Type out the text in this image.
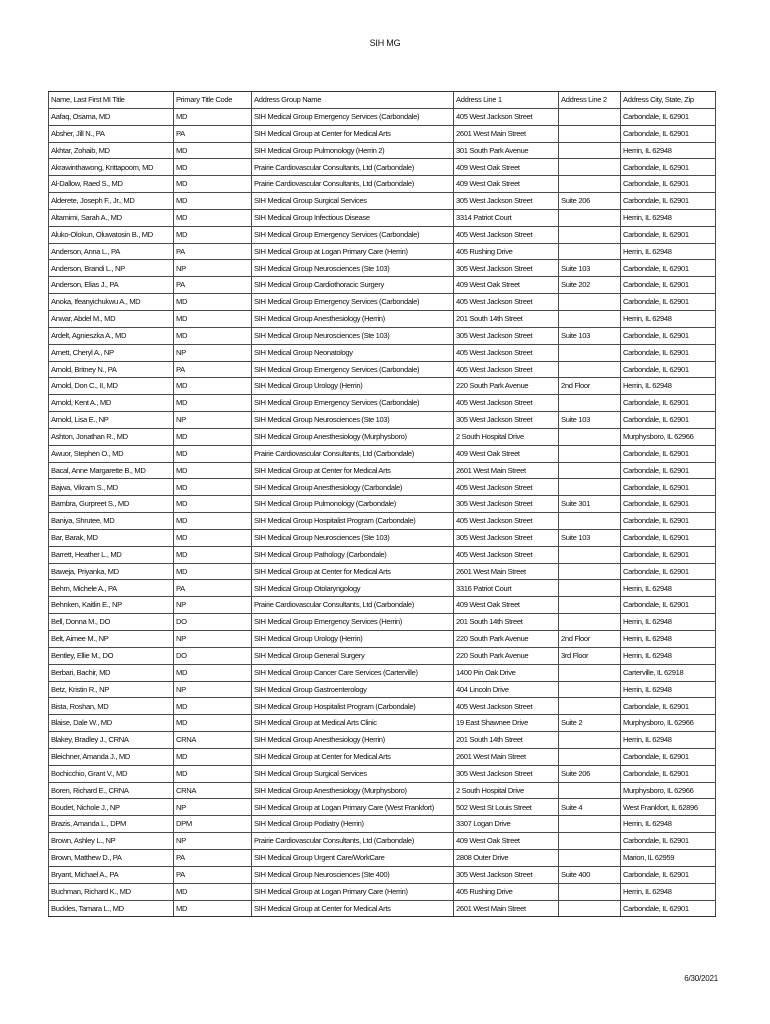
SIH MG
Name, Last First MI Title	Primary Title Code	Address Group Name	Address Line 1	Address Line 2	Address City, State, Zip
Aafaq, Osama, MD	MD	SIH Medical Group Emergency Services (Carbondale)	405 West Jackson Street		Carbondale, IL 62901
Absher, Jill N., PA	PA	SIH Medical Group at Center for Medical Arts	2601 West Main Street		Carbondale, IL 62901
Akhtar, Zohaib, MD	MD	SIH Medical Group Pulmonology (Herrin 2)	301 South Park Avenue		Herrin, IL 62948
Akrawinthawong, Krittapoom, MD	MD	Prairie Cardiovascular Consultants, Ltd (Carbondale)	409 West Oak Street		Carbondale, IL 62901
Al-Dallow, Raed S., MD	MD	Prairie Cardiovascular Consultants, Ltd (Carbondale)	409 West Oak Street		Carbondale, IL 62901
Alderete, Joseph F., Jr., MD	MD	SIH Medical Group Surgical Services	305 West Jackson Street	Suite 206	Carbondale, IL 62901
Altamimi, Sarah A., MD	MD	SIH Medical Group Infectious Disease	3314 Patriot Court		Herrin, IL 62948
Aluko-Olokun, Oluwatosin B., MD	MD	SIH Medical Group Emergency Services (Carbondale)	405 West Jackson Street		Carbondale, IL 62901
Anderson, Anna L., PA	PA	SIH Medical Group at Logan Primary Care (Herrin)	405 Rushing Drive		Herrin, IL 62948
Anderson, Brandi L., NP	NP	SIH Medical Group Neurosciences (Ste 103)	305 West Jackson Street	Suite 103	Carbondale, IL 62901
Anderson, Elias J., PA	PA	SIH Medical Group Cardiothoracic Surgery	409 West Oak Street	Suite 202	Carbondale, IL 62901
Anoka, Ifeanyichukwu A., MD	MD	SIH Medical Group Emergency Services (Carbondale)	405 West Jackson Street		Carbondale, IL 62901
Anwar, Abdel M., MD	MD	SIH Medical Group Anesthesiology (Herrin)	201 South 14th Street		Herrin, IL 62948
Ardelt, Agnieszka A., MD	MD	SIH Medical Group Neurosciences (Ste 103)	305 West Jackson Street	Suite 103	Carbondale, IL 62901
Arnett, Cheryl A., NP	NP	SIH Medical Group Neonatology	405 West Jackson Street		Carbondale, IL 62901
Arnold, Britney N., PA	PA	SIH Medical Group Emergency Services (Carbondale)	405 West Jackson Street		Carbondale, IL 62901
Arnold, Don C., II, MD	MD	SIH Medical Group Urology (Herrin)	220 South Park Avenue	2nd Floor	Herrin, IL 62948
Arnold, Kent A., MD	MD	SIH Medical Group Emergency Services (Carbondale)	405 West Jackson Street		Carbondale, IL 62901
Arnold, Lisa E., NP	NP	SIH Medical Group Neurosciences (Ste 103)	305 West Jackson Street	Suite 103	Carbondale, IL 62901
Ashton, Jonathan R., MD	MD	SIH Medical Group Anesthesiology (Murphysboro)	2 South Hospital Drive		Murphysboro, IL 62966
Awuor, Stephen O., MD	MD	Prairie Cardiovascular Consultants, Ltd (Carbondale)	409 West Oak Street		Carbondale, IL 62901
Bacal, Anne Margarette B., MD	MD	SIH Medical Group at Center for Medical Arts	2601 West Main Street		Carbondale, IL 62901
Bajwa, Vikram S., MD	MD	SIH Medical Group Anesthesiology (Carbondale)	405 West Jackson Street		Carbondale, IL 62901
Bambra, Gurpreet S., MD	MD	SIH Medical Group Pulmonology (Carbondale)	305 West Jackson Street	Suite 301	Carbondale, IL 62901
Baniya, Shrutee, MD	MD	SIH Medical Group Hospitalist Program (Carbondale)	405 West Jackson Street		Carbondale, IL 62901
Bar, Barak, MD	MD	SIH Medical Group Neurosciences (Ste 103)	305 West Jackson Street	Suite 103	Carbondale, IL 62901
Barrett, Heather L., MD	MD	SIH Medical Group Pathology (Carbondale)	405 West Jackson Street		Carbondale, IL 62901
Baweja, Priyanka, MD	MD	SIH Medical Group at Center for Medical Arts	2601 West Main Street		Carbondale, IL 62901
Behm, Michele A., PA	PA	SIH Medical Group Otolaryngology	3316 Patriot Court		Herrin, IL 62948
Behnken, Kaitlin E., NP	NP	Prairie Cardiovascular Consultants, Ltd (Carbondale)	409 West Oak Street		Carbondale, IL 62901
Bell, Donna M., DO	DO	SIH Medical Group Emergency Services (Herrin)	201 South 14th Street		Herrin, IL 62948
Belt, Aimee M., NP	NP	SIH Medical Group Urology (Herrin)	220 South Park Avenue	2nd Floor	Herrin, IL 62948
Bentley, Ellie M., DO	DO	SIH Medical Group General Surgery	220 South Park Avenue	3rd Floor	Herrin, IL 62948
Berbari, Bachir, MD	MD	SIH Medical Group Cancer Care Services (Carterville)	1400 Pin Oak Drive		Carterville, IL 62918
Betz, Kristin R., NP	NP	SIH Medical Group Gastroenterology	404 Lincoln Drive		Herrin, IL 62948
Bista, Roshan, MD	MD	SIH Medical Group Hospitalist Program (Carbondale)	405 West Jackson Street		Carbondale, IL 62901
Blaise, Dale W., MD	MD	SIH Medical Group at Medical Arts Clinic	19 East Shawnee Drive	Suite 2	Murphysboro, IL 62966
Blakey, Bradley J., CRNA	CRNA	SIH Medical Group Anesthesiology (Herrin)	201 South 14th Street		Herrin, IL 62948
Bleichner, Amanda J., MD	MD	SIH Medical Group at Center for Medical Arts	2601 West Main Street		Carbondale, IL 62901
Bochicchio, Grant V., MD	MD	SIH Medical Group Surgical Services	305 West Jackson Street	Suite 206	Carbondale, IL 62901
Boren, Richard E., CRNA	CRNA	SIH Medical Group Anesthesiology (Murphysboro)	2 South Hospital Drive		Murphysboro, IL 62966
Boudet, Nichole J., NP	NP	SIH Medical Group at Logan Primary Care (West Frankfort)	502 West St Louis Street	Suite 4	West Frankfort, IL 62896
Brazis, Amanda L., DPM	DPM	SIH Medical Group Podiatry (Herrin)	3307 Logan Drive		Herrin, IL 62948
Brown, Ashley L., NP	NP	Prairie Cardiovascular Consultants, Ltd (Carbondale)	409 West Oak Street		Carbondale, IL 62901
Brown, Matthew D., PA	PA	SIH Medical Group Urgent Care/WorkCare	2808 Outer Drive		Marion, IL 62959
Bryant, Michael A., PA	PA	SIH Medical Group Neurosciences (Ste 400)	305 West Jackson Street	Suite 400	Carbondale, IL 62901
Buchman, Richard K., MD	MD	SIH Medical Group at Logan Primary Care (Herrin)	405 Rushing Drive		Herrin, IL 62948
Buckles, Tamara L., MD	MD	SIH Medical Group at Center for Medical Arts	2601 West Main Street		Carbondale, IL 62901
6/30/2021
